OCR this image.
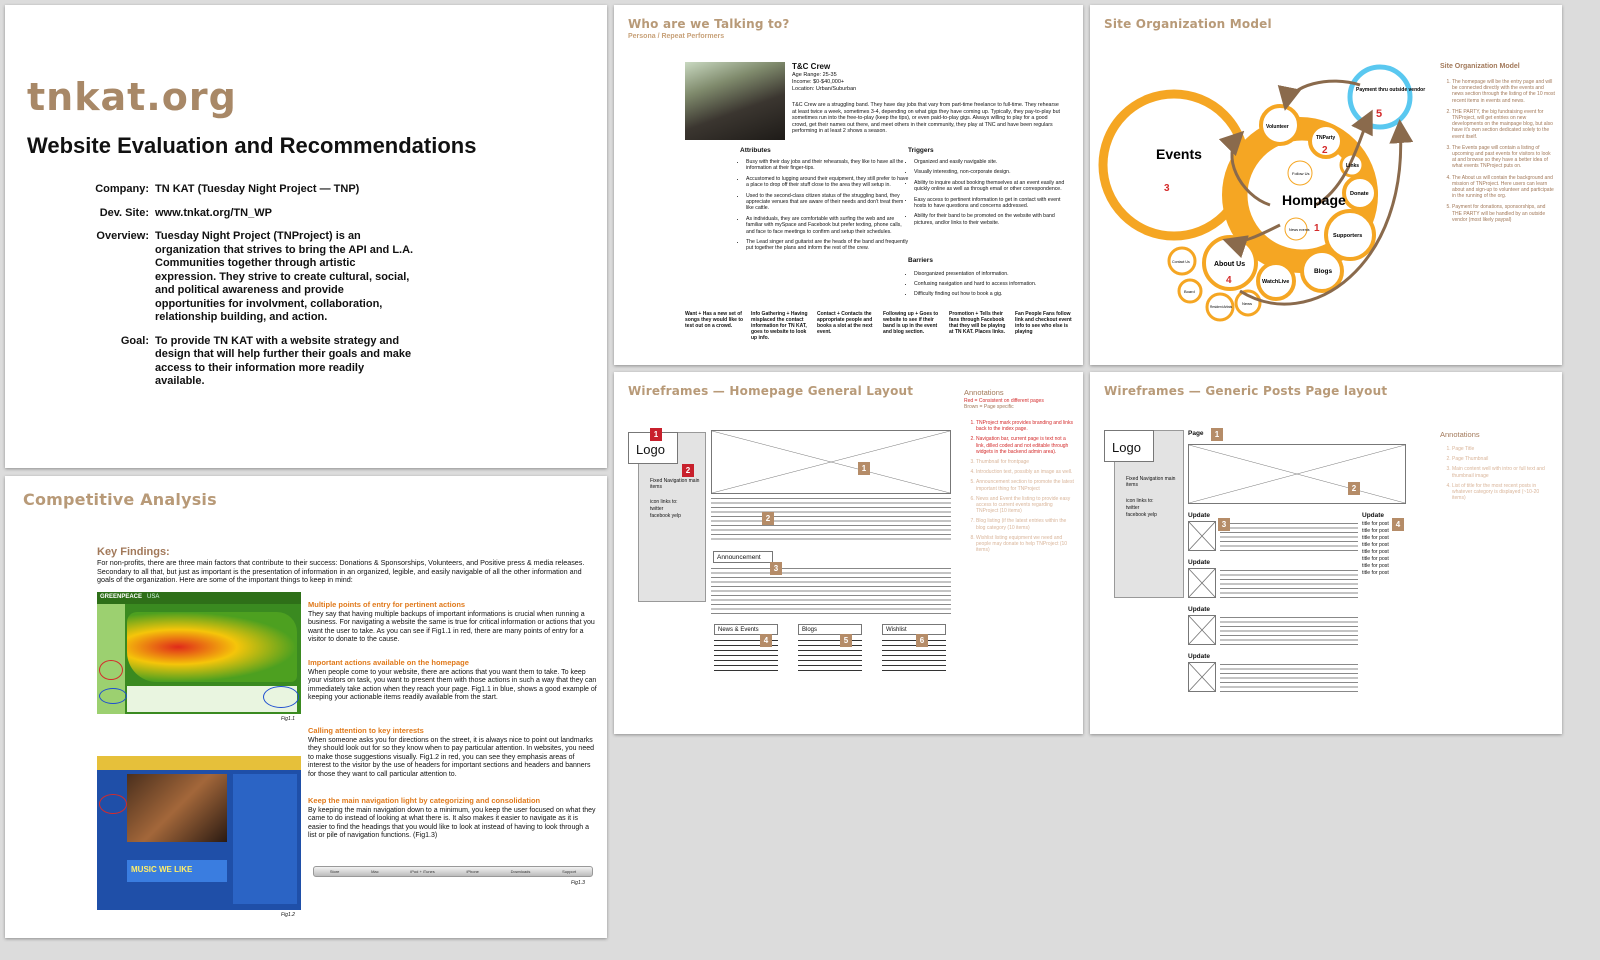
tnkat.org
Website Evaluation and Recommendations
Company: TN KAT (Tuesday Night Project — TNP)
Dev. Site: www.tnkat.org/TN_WP
Overview: Tuesday Night Project (TNProject) is an organization that strives to bring the API and L.A. Communities together through artistic expression. They strive to create cultural, social, and political awareness and provide opportunities for involvment, collaboration, relationship building, and action.
Goal: To provide TN KAT with a website strategy and design that will help further their goals and make access to their information more readily available.
Competitive Analysis
Key Findings:
For non-profits, there are three main factors that contribute to their success: Donations & Sponsorships, Volunteers, and Positive press & media releases. Secondary to all that, but just as important is the presentation of information in an organized, legible, and easily navigable of all the other information and goals of the organization. Here are some of the important things to keep in mind:
GREENPEACE USA
Fig1.1
MUSIC WE LIKE
Fig1.2
Store	Mac	iPod + iTunes	iPhone	Downloads	Support
Fig1.3
Multiple points of entry for pertinent actions
They say that having multiple backups of important informations is crucial when running a business. For navigating a website the same is true for critical information or actions that you want the user to take. As you can see if Fig1.1 in red, there are many points of entry for a visitor to donate to the cause.
Important actions available on the homepage
When people come to your website, there are actions that you want them to take. To keep your visitors on task, you want to present them with those actions in such a way that they can immediately take action when they reach your page. Fig1.1 in blue, shows a good example of keeping your actionable items readily available from the start.
Calling attention to key interests
When someone asks you for directions on the street, it is always nice to point out landmarks they should look out for so they know when to pay particular attention. In websites, you need to make those suggestions visually. Fig1.2 in red, you can see they emphasis areas of interest to the visitor by the use of headers for important sections and headers and banners for those they want to call particular attention to.
Keep the main navigation light by categorizing and consolidation
By keeping the main navigation down to a minimum, you keep the user focused on what they came to do instead of looking at what there is. It also makes it easier to navigate as it is easier to find the headings that you would like to look at instead of having to look through a list or pile of navigation functions. (Fig1.3)
Who are we Talking to?
Persona / Repeat Performers
T&C Crew
Age Range: 25-35
Income: $0-$40,000+
Location: Urban/Suburban
T&C Crew are a struggling band. They have day jobs that vary from part-time freelance to full-time. They rehearse at least twice a week, sometimes 3-4, depending on what gigs they have coming up. Typically, they pay-to-play but sometimes run into the free-to-play (keep the tips), or even paid-to-play gigs. Always willing to play for a good crowd, get their names out there, and meet others in their community, they play at TNC and have been regulars performing in at least 2 shows a season.
Attributes
• Busy with their day jobs and their rehearsals, they like to have all the information at their finger-tips.
• Accustomed to lugging around their equipment, they still prefer to have a place to drop off their stuff close to the area they will setup in.
• Used to the second-class citizen status of the struggling band, they appreciate venues that are aware of their needs and don't treat them like cattle.
• As individuals, they are comfortable with surfing the web and are familiar with mySpace and Facebook but prefer texting, phone calls, and face to face meetings to confirm and setup their schedules.
• The Lead singer and guitarist are the heads of the band and frequently put together the plans and inform the rest of the crew.
Triggers
• Organized and easily navigable site.
• Visually interesting, non-corporate design.
• Ability to inquire about booking themselves at an event easily and quickly online as well as through email or other correspondence.
• Easy access to pertinent information to get in contact with event hosts to have questions and concerns addressed.
• Ability for their band to be promoted on the website with band pictures, and/or links to their website.
Barriers
• Disorganized presentation of information.
• Confusing navigation and hard to access information.
• Difficulty finding out how to book a gig.
Want + Has a new set of songs they would like to test out on a crowd.
Info Gathering + Having misplaced the contact information for TN KAT, goes to website to look up info.
Contact + Contacts the appropriate people and books a slot at the next event.
Following up + Goes to website to see if their band is up in the event and blog section.
Promotion + Tells their fans through Facebook that they will be playing at TN KAT. Places links.
Fan People Fans follow link and checkout event info to see who else is playing
Site Organization Model
Events
Hompage
About Us
Volunteer
TNParty
Links
Donate
Supporters
Blogs
WatchLive
News
Resident Artists
Board
Contact Us
Follow Us
News events
Payment thru outside vendor
1
2
3
4
5
Site Organization Model
1. The homepage will be the entry page and will be connected directly with the events and news section through the listing of the 10 most recent items in events and news.
2. THE PARTY, the big fundraising event for TNProject, will get entries on new developments on the mainpage blog, but also have it's own section dedicated solely to the event itself.
3. The Events page will contain a listing of upcoming and past events for visitors to look at and browse so they have a better idea of what events TNProject puts on.
4. The About us will contain the background and mission of TNProject. Here users can learn about and sign-up to volunteer and participate in the running of the org.
5. Payment for donations, sponsorships, and THE PARTY will be handled by an outside vendor (most likely paypal)
Wireframes — Homepage General Layout
Logo
Fixed Navigation main items
icon links to: twitter facebook yelp
Announcement
News & Events	Blogs	Wishlist
1
2	1
2
3
4	5	6
Annotations
Red = Consistent on different pages
Brown = Page specific
1. TNProject mark provides branding and links back to the index page.
2. Navigation bar, current page is text not a link, dilled coded and not editable through widgets in the backend admin area).
3. Thumbnail for frontpage
4. Introduction text, possibly an image as well.
5. Announcement section to promote the latest important thing for TNProject
6. News and Event the listing to provide easy access to current events regarding TNProject (10 items)
7. Blog listing (if the latest entries within the blog category (10 items)
8. Wishlist listing equipment we need and people may donate to help TNProject (10 items)
Wireframes — Generic Posts Page layout
Logo
Fixed Navigation main items
icon links to: twitter facebook yelp
Page	1
2
Update
Update
Update
Update
3
Update
title for post
title for post
title for post
title for post
title for post
title for post
title for post
title for post
4
Annotations
1. Page Title
2. Page Thumbnail
3. Main content well with intro or full text and thumbnail image
4. List of title for the most recent posts in whatever category is displayed (~10-20 items)
